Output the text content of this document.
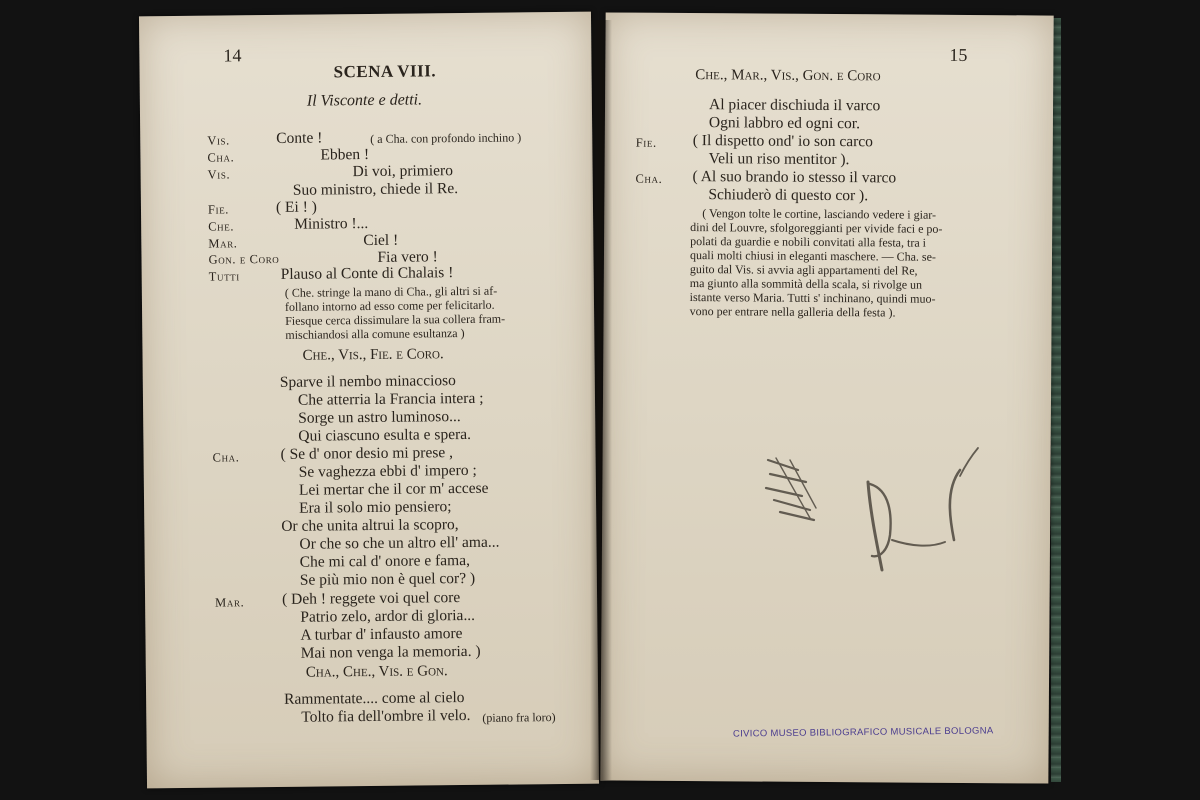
14
SCENA VIII.
Il Visconte e detti.
Vis.	Conte !	( a Cha. con profondo inchino )
Cha.	Ebben !
Vis.	Di voi, primiero
Suo ministro, chiede il Re.
Fie.	( Ei ! )
Che.	Ministro !...
Mar.	Ciel !
Gon. e Coro	Fia vero !
Tutti	Plauso al Conte di Chalais !
( Che. stringe la mano di Cha., gli altri si af-
follano intorno ad esso come per felicitarlo.
Fiesque cerca dissimulare la sua collera fram-
mischiandosi alla comune esultanza )
Che., Vis., Fie. e Coro.
Sparve il nembo minaccioso
Che atterria la Francia intera ;
Sorge un astro luminoso...
Qui ciascuno esulta e spera.
Cha.	( Se d' onor desio mi prese ,
Se vaghezza ebbi d' impero ;
Lei mertar che il cor m' accese
Era il solo mio pensiero;
Or che unita altrui la scopro,
Or che so che un altro ell' ama...
Che mi cal d' onore e fama,
Se più mio non è quel cor? )
Mar. ( Deh ! reggete voi quel core
Patrio zelo, ardor di gloria...
A turbar d' infausto amore
Mai non venga la memoria. )
Cha., Che., Vis. e Gon.
Rammentate.... come al cielo
Tolto fia dell'ombre il velo. (piano fra loro)
15
Che., Mar., Vis., Gon. e Coro
Al piacer dischiuda il varco
Ogni labbro ed ogni cor.
Fie. ( Il dispetto ond' io son carco
Veli un riso mentitor ).
Cha. ( Al suo brando io stesso il varco
Schiuderò di questo cor ).
( Vengon tolte le cortine, lasciando vedere i giar-
dini del Louvre, sfolgoreggianti per vivide faci e po-
polati da guardie e nobili convitati alla festa, tra i
quali molti chiusi in eleganti maschere. — Cha. se-
guito dal Vis. si avvia agli appartamenti del Re,
ma giunto alla sommità della scala, si rivolge un
istante verso Maria. Tutti s' inchinano, quindi muo-
vono per entrare nella galleria della festa ).
CIVICO MUSEO BIBLIOGRAFICO MUSICALE BOLOGNA
